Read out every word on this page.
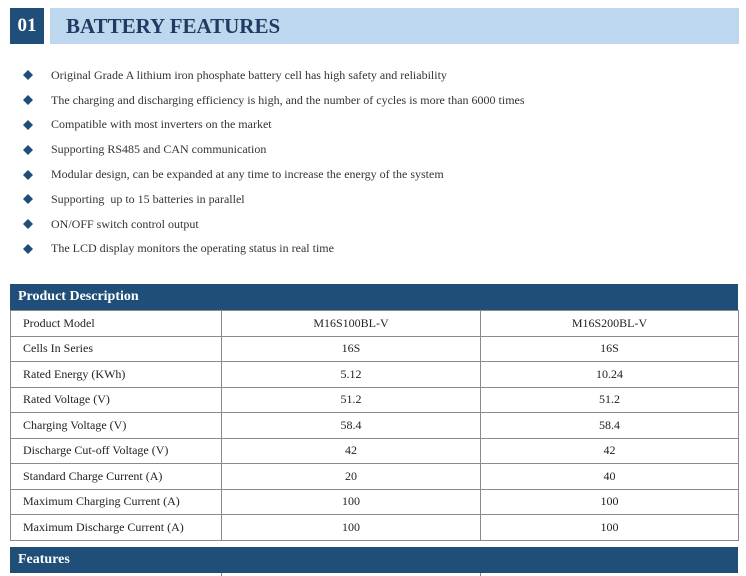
01	BATTERY FEATURES
Original Grade A lithium iron phosphate battery cell has high safety and reliability
The charging and discharging efficiency is high, and the number of cycles is more than 6000 times
Compatible with most inverters on the market
Supporting RS485 and CAN communication
Modular design, can be expanded at any time to increase the energy of the system
Supporting  up to 15 batteries in parallel
ON/OFF switch control output
The LCD display monitors the operating status in real time
Product Description
Product Model	M16S100BL-V	M16S200BL-V
Cells In Series	16S	16S
Rated Energy (KWh)	5.12	10.24
Rated Voltage (V)	51.2	51.2
Charging Voltage (V)	58.4	58.4
Discharge Cut-off Voltage (V)	42	42
Standard Charge Current (A)	20	40
Maximum Charging Current (A)	100	100
Maximum Discharge Current (A)	100	100
Features
